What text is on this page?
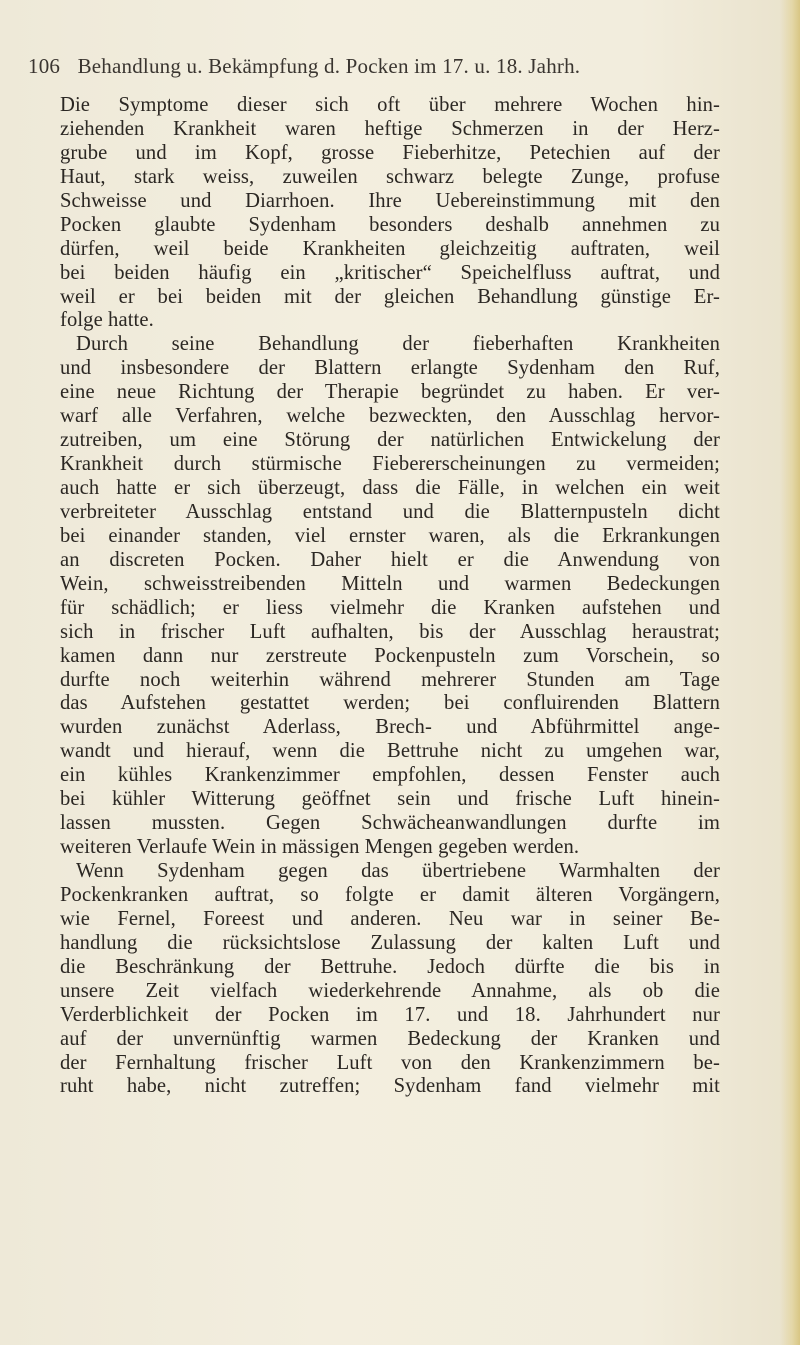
106 Behandlung u. Bekämpfung d. Pocken im 17. u. 18. Jahrh.
Die Symptome dieser sich oft über mehrere Wochen hin-
ziehenden Krankheit waren heftige Schmerzen in der Herz-
grube und im Kopf, grosse Fieberhitze, Petechien auf der
Haut, stark weiss, zuweilen schwarz belegte Zunge, profuse
Schweisse und Diarrhoen. Ihre Uebereinstimmung mit den
Pocken glaubte Sydenham besonders deshalb annehmen zu
dürfen, weil beide Krankheiten gleichzeitig auftraten, weil
bei beiden häufig ein „kritischer“ Speichelfluss auftrat, und
weil er bei beiden mit der gleichen Behandlung günstige Er-
folge hatte.
Durch seine Behandlung der fieberhaften Krankheiten
und insbesondere der Blattern erlangte Sydenham den Ruf,
eine neue Richtung der Therapie begründet zu haben. Er ver-
warf alle Verfahren, welche bezweckten, den Ausschlag hervor-
zutreiben, um eine Störung der natürlichen Entwickelung der
Krankheit durch stürmische Fiebererscheinungen zu vermeiden;
auch hatte er sich überzeugt, dass die Fälle, in welchen ein weit
verbreiteter Ausschlag entstand und die Blatternpusteln dicht
bei einander standen, viel ernster waren, als die Erkrankungen
an discreten Pocken. Daher hielt er die Anwendung von
Wein, schweisstreibenden Mitteln und warmen Bedeckungen
für schädlich; er liess vielmehr die Kranken aufstehen und
sich in frischer Luft aufhalten, bis der Ausschlag heraustrat;
kamen dann nur zerstreute Pockenpusteln zum Vorschein, so
durfte noch weiterhin während mehrerer Stunden am Tage
das Aufstehen gestattet werden; bei confluirenden Blattern
wurden zunächst Aderlass, Brech- und Abführmittel ange-
wandt und hierauf, wenn die Bettruhe nicht zu umgehen war,
ein kühles Krankenzimmer empfohlen, dessen Fenster auch
bei kühler Witterung geöffnet sein und frische Luft hinein-
lassen mussten. Gegen Schwächeanwandlungen durfte im
weiteren Verlaufe Wein in mässigen Mengen gegeben werden.
Wenn Sydenham gegen das übertriebene Warmhalten der
Pockenkranken auftrat, so folgte er damit älteren Vorgängern,
wie Fernel, Foreest und anderen. Neu war in seiner Be-
handlung die rücksichtslose Zulassung der kalten Luft und
die Beschränkung der Bettruhe. Jedoch dürfte die bis in
unsere Zeit vielfach wiederkehrende Annahme, als ob die
Verderblichkeit der Pocken im 17. und 18. Jahrhundert nur
auf der unvernünftig warmen Bedeckung der Kranken und
der Fernhaltung frischer Luft von den Krankenzimmern be-
ruht habe, nicht zutreffen; Sydenham fand vielmehr mit
